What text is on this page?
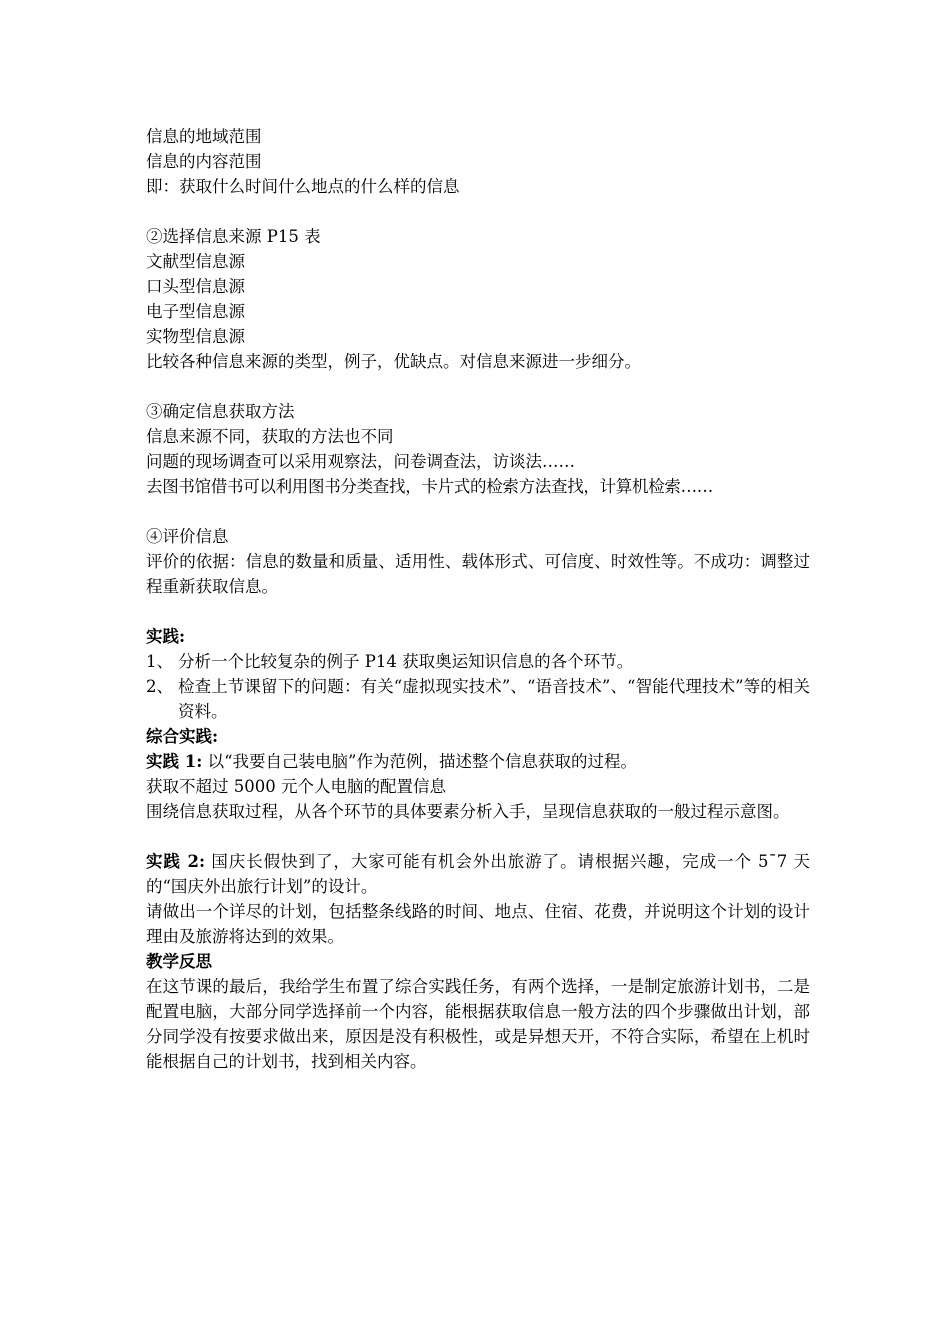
信息的地域范围
信息的内容范围
即：获取什么时间什么地点的什么样的信息
②选择信息来源 P15 表
文献型信息源
口头型信息源
电子型信息源
实物型信息源
比较各种信息来源的类型，例子，优缺点。对信息来源进一步细分。
③确定信息获取方法
信息来源不同，获取的方法也不同
问题的现场调查可以采用观察法，问卷调查法，访谈法……
去图书馆借书可以利用图书分类查找，卡片式的检索方法查找，计算机检索……
④评价信息
评价的依据：信息的数量和质量、适用性、载体形式、可信度、时效性等。不成功：调整过程重新获取信息。
实践:
1、 分析一个比较复杂的例子 P14 获取奥运知识信息的各个环节。
2、 检查上节课留下的问题：有关“虚拟现实技术”、“语音技术”、“智能代理技术”等的相关资料。
综合实践:
实践 1: 以“我要自己装电脑”作为范例，描述整个信息获取的过程。
获取不超过 5000 元个人电脑的配置信息
围绕信息获取过程，从各个环节的具体要素分析入手，呈现信息获取的一般过程示意图。
实践 2: 国庆长假快到了，大家可能有机会外出旅游了。请根据兴趣，完成一个 5¯7 天的“国庆外出旅行计划”的设计。
请做出一个详尽的计划，包括整条线路的时间、地点、住宿、花费，并说明这个计划的设计理由及旅游将达到的效果。
教学反思
在这节课的最后，我给学生布置了综合实践任务，有两个选择，一是制定旅游计划书，二是配置电脑，大部分同学选择前一个内容，能根据获取信息一般方法的四个步骤做出计划，部分同学没有按要求做出来，原因是没有积极性，或是异想天开，不符合实际，希望在上机时能根据自己的计划书，找到相关内容。
